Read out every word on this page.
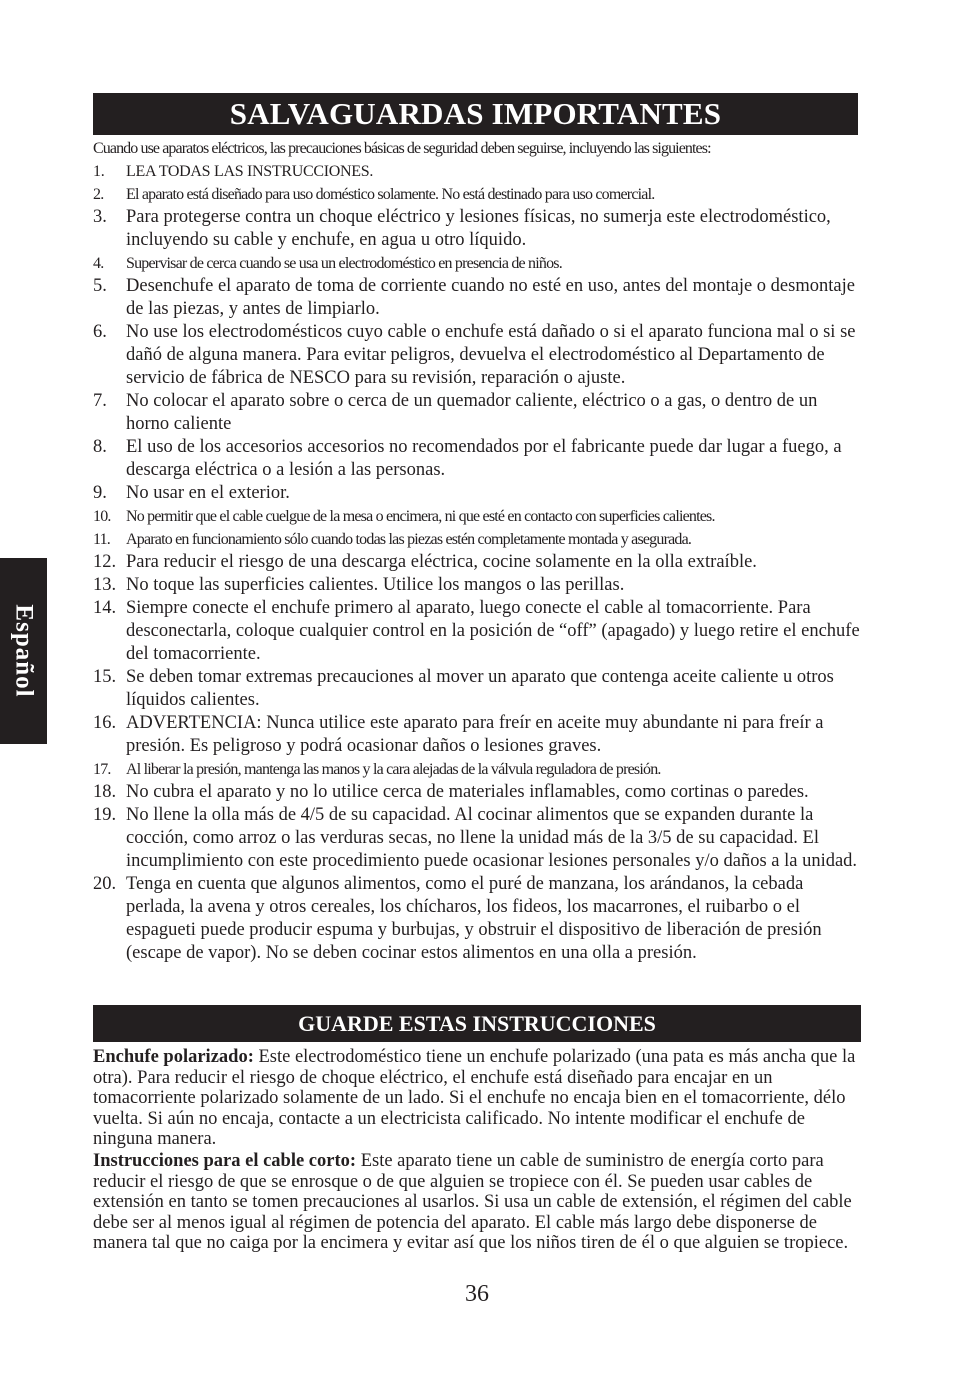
SALVAGUARDAS IMPORTANTES
Cuando use aparatos eléctricos, las precauciones básicas de seguridad deben seguirse, incluyendo las siguientes:
1. LEA TODAS LAS INSTRUCCIONES.
2. El aparato está diseñado para uso doméstico solamente. No está destinado para uso comercial.
3. Para protegerse contra un choque eléctrico y lesiones físicas, no sumerja este electrodoméstico, incluyendo su cable y enchufe, en agua u otro líquido.
4. Supervisar de cerca cuando se usa un electrodoméstico en presencia de niños.
5. Desenchufe el aparato de toma de corriente cuando no esté en uso, antes del montaje o desmontaje de las piezas, y antes de limpiarlo.
6. No use los electrodomésticos cuyo cable o enchufe está dañado o si el aparato funciona mal o si se dañó de alguna manera. Para evitar peligros, devuelva el electrodoméstico al Departamento de servicio de fábrica de NESCO para su revisión, reparación o ajuste.
7. No colocar el aparato sobre o cerca de un quemador caliente, eléctrico o a gas, o dentro de un horno caliente
8. El uso de los accesorios accesorios no recomendados por el fabricante puede dar lugar a fuego, a descarga eléctrica o a lesión a las personas.
9. No usar en el exterior.
10. No permitir que el cable cuelgue de la mesa o encimera, ni que esté en contacto con superficies calientes.
11. Aparato en funcionamiento sólo cuando todas las piezas estén completamente montada y asegurada.
12. Para reducir el riesgo de una descarga eléctrica, cocine solamente en la olla extraíble.
13. No toque las superficies calientes. Utilice los mangos o las perillas.
14. Siempre conecte el enchufe primero al aparato, luego conecte el cable al tomacorriente. Para desconectarla, coloque cualquier control en la posición de “off” (apagado) y luego retire el enchufe del tomacorriente.
15. Se deben tomar extremas precauciones al mover un aparato que contenga aceite caliente u otros líquidos calientes.
16. ADVERTENCIA: Nunca utilice este aparato para freír en aceite muy abundante ni para freír a presión. Es peligroso y podrá ocasionar daños o lesiones graves.
17. Al liberar la presión, mantenga las manos y la cara alejadas de la válvula reguladora de presión.
18. No cubra el aparato y no lo utilice cerca de materiales inflamables, como cortinas o paredes.
19. No llene la olla más de 4/5 de su capacidad. Al cocinar alimentos que se expanden durante la cocción, como arroz o las verduras secas, no llene la unidad más de la 3/5 de su capacidad. El incumplimiento con este procedimiento puede ocasionar lesiones personales y/o daños a la unidad.
20. Tenga en cuenta que algunos alimentos, como el puré de manzana, los arándanos, la cebada perlada, la avena y otros cereales, los chícharos, los fideos, los macarrones, el ruibarbo o el espagueti puede producir espuma y burbujas, y obstruir el dispositivo de liberación de presión (escape de vapor). No se deben cocinar estos alimentos en una olla a presión.
GUARDE ESTAS INSTRUCCIONES

Enchufe polarizado: Este electrodoméstico tiene un enchufe polarizado (una pata es más ancha que la otra). Para reducir el riesgo de choque eléctrico, el enchufe está diseñado para encajar en un tomacorriente polarizado solamente de un lado. Si el enchufe no encaja bien en el tomacorriente, délo vuelta. Si aún no encaja, contacte a un electricista calificado. No intente modificar el enchufe de ninguna manera.

Instrucciones para el cable corto: Este aparato tiene un cable de suministro de energía corto para reducir el riesgo de que se enrosque o de que alguien se tropiece con él. Se pueden usar cables de extensión en tanto se tomen precauciones al usarlos. Si usa un cable de extensión, el régimen del cable debe ser al menos igual al régimen de potencia del aparato. El cable más largo debe disponerse de manera tal que no caiga por la encimera y evitar así que los niños tiren de él o que alguien se tropiece.

36
Español
